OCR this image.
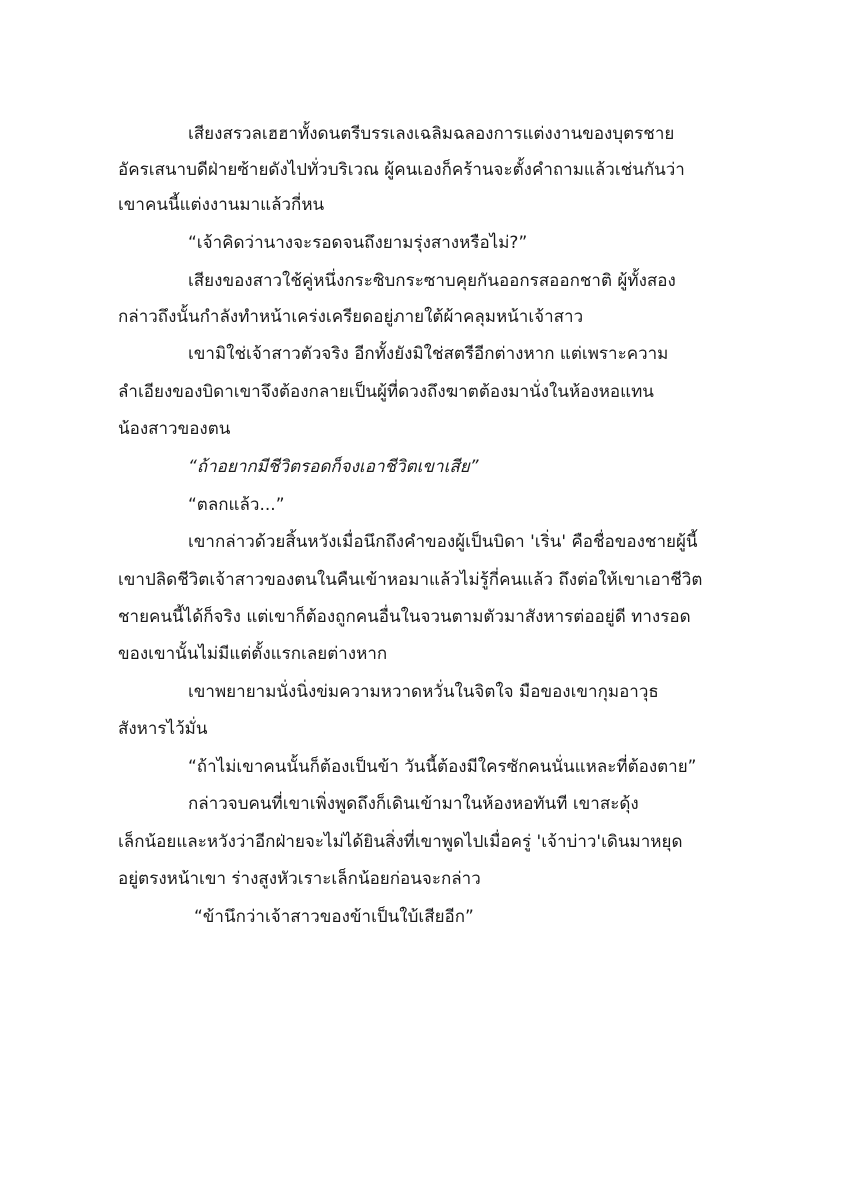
เสียงสรวลเฮฮาทั้งดนตรีบรรเลงเฉลิมฉลองการแต่งงานของบุตรชาย
อัครเสนาบดีฝ่ายซ้ายดังไปทั่วบริเวณ ผู้คนเองก็คร้านจะตั้งคำถามแล้วเช่นกันว่า
เขาคนนี้แต่งงานมาแล้วกี่หน
“เจ้าคิดว่านางจะรอดจนถึงยามรุ่งสางหรือไม่?”
เสียงของสาวใช้คู่หนึ่งกระซิบกระซาบคุยกันออกรสออกชาติ ผู้ทั้งสอง
กล่าวถึงนั้นกำลังทำหน้าเคร่งเครียดอยู่ภายใต้ผ้าคลุมหน้าเจ้าสาว
เขามิใช่เจ้าสาวตัวจริง อีกทั้งยังมิใช่สตรีอีกต่างหาก แต่เพราะความ
ลำเอียงของบิดาเขาจึงต้องกลายเป็นผู้ที่ดวงถึงฆาตต้องมานั่งในห้องหอแทน
น้องสาวของตน
“ถ้าอยากมีชีวิตรอดก็จงเอาชีวิตเขาเสีย”
“ตลกแล้ว...”
เขากล่าวด้วยสิ้นหวังเมื่อนึกถึงคำของผู้เป็นบิดา 'เริ่น' คือชื่อของชายผู้นี้
เขาปลิดชีวิตเจ้าสาวของตนในคืนเข้าหอมาแล้วไม่รู้กี่คนแล้ว ถึงต่อให้เขาเอาชีวิต
ชายคนนี้ได้ก็จริง แต่เขาก็ต้องถูกคนอื่นในจวนตามตัวมาสังหารต่ออยู่ดี ทางรอด
ของเขานั้นไม่มีแต่ตั้งแรกเลยต่างหาก
เขาพยายามนั่งนิ่งข่มความหวาดหวั่นในจิตใจ มือของเขากุมอาวุธ
สังหารไว้มั่น
“ถ้าไม่เขาคนนั้นก็ต้องเป็นข้า วันนี้ต้องมีใครซักคนนั่นแหละที่ต้องตาย”
กล่าวจบคนที่เขาเพิ่งพูดถึงก็เดินเข้ามาในห้องหอทันที เขาสะดุ้ง
เล็กน้อยและหวังว่าอีกฝ่ายจะไม่ได้ยินสิ่งที่เขาพูดไปเมื่อครู่ 'เจ้าบ่าว'เดินมาหยุด
อยู่ตรงหน้าเขา ร่างสูงหัวเราะเล็กน้อยก่อนจะกล่าว
“ข้านึกว่าเจ้าสาวของข้าเป็นใบ้เสียอีก”
